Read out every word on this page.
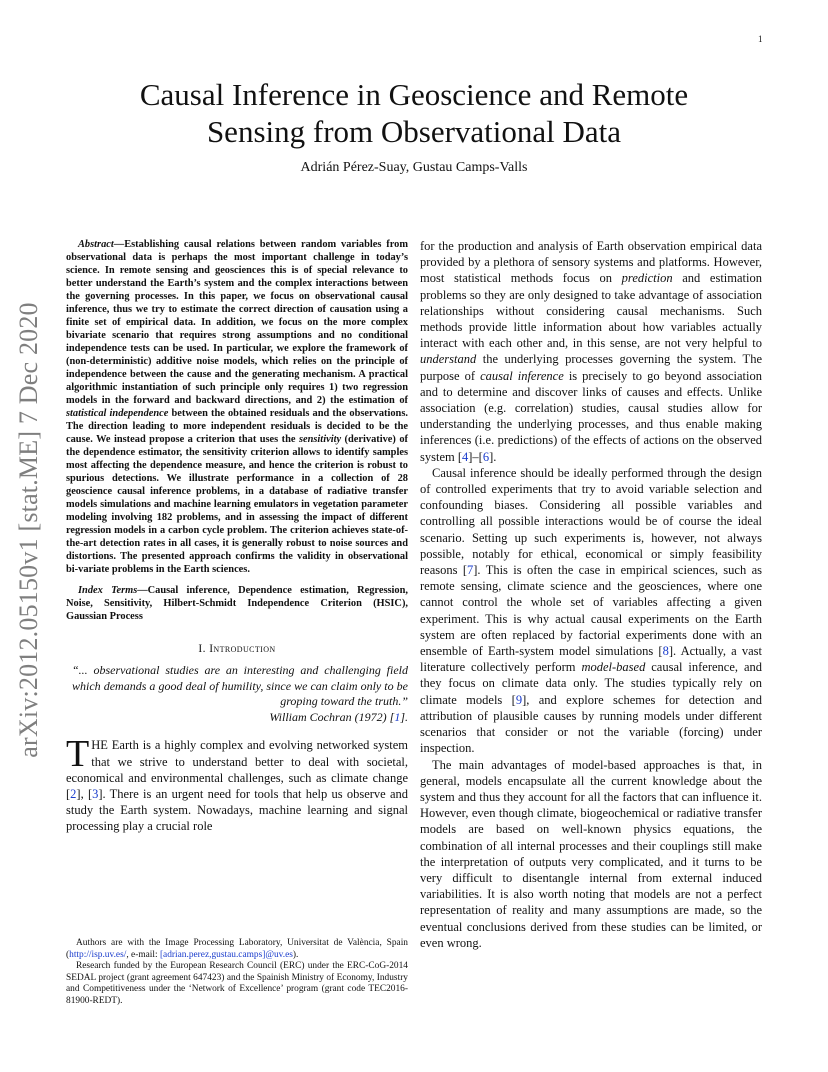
1
arXiv:2012.05150v1 [stat.ME] 7 Dec 2020
Causal Inference in Geoscience and Remote
Sensing from Observational Data
Adrián Pérez-Suay, Gustau Camps-Valls

Abstract—Establishing causal relations between random variables from observational data is perhaps the most important challenge in today’s science. In remote sensing and geosciences this is of special relevance to better understand the Earth’s system and the complex interactions between the governing processes. In this paper, we focus on observational causal inference, thus we try to estimate the correct direction of causation using a finite set of empirical data. In addition, we focus on the more complex bivariate scenario that requires strong assumptions and no conditional independence tests can be used. In particular, we explore the framework of (non-deterministic) additive noise models, which relies on the principle of independence between the cause and the generating mechanism. A practical algorithmic instantiation of such principle only requires 1) two regression models in the forward and backward directions, and 2) the estimation of statistical independence between the obtained residuals and the observations. The direction leading to more independent residuals is decided to be the cause. We instead propose a criterion that uses the sensitivity (derivative) of the dependence estimator, the sensitivity criterion allows to identify samples most affecting the dependence measure, and hence the criterion is robust to spurious detections. We illustrate performance in a collection of 28 geoscience causal inference problems, in a database of radiative transfer models simulations and machine learning emulators in vegetation parameter modeling involving 182 problems, and in assessing the impact of different regression models in a carbon cycle problem. The criterion achieves state-of-the-art detection rates in all cases, it is generally robust to noise sources and distortions. The presented approach confirms the validity in observational bi-variate problems in the Earth sciences.

Index Terms—Causal inference, Dependence estimation, Regression, Noise, Sensitivity, Hilbert-Schmidt Independence Criterion (HSIC), Gaussian Process

I. Introduction
“... observational studies are an interesting and challenging field which demands a good deal of humility, since we can claim only to be groping toward the truth.”
William Cochran (1972) [1].

THE Earth is a highly complex and evolving networked system that we strive to understand better to deal with societal, economical and environmental challenges, such as climate change [2], [3]. There is an urgent need for tools that help us observe and study the Earth system. Nowadays, machine learning and signal processing play a crucial role

Authors are with the Image Processing Laboratory, Universitat de València, Spain (http://isp.uv.es/, e-mail: [adrian.perez,gustau.camps]@uv.es).

Research funded by the European Research Council (ERC) under the ERC-CoG-2014 SEDAL project (grant agreement 647423) and the Spainish Ministry of Economy, Industry and Competitiveness under the ‘Network of Excellence’ program (grant code TEC2016-81900-REDT).

for the production and analysis of Earth observation empirical data provided by a plethora of sensory systems and platforms. However, most statistical methods focus on prediction and estimation problems so they are only designed to take advantage of association relationships without considering causal mechanisms. Such methods provide little information about how variables actually interact with each other and, in this sense, are not very helpful to understand the underlying processes governing the system. The purpose of causal inference is precisely to go beyond association and to determine and discover links of causes and effects. Unlike association (e.g. correlation) studies, causal studies allow for understanding the underlying processes, and thus enable making inferences (i.e. predictions) of the effects of actions on the observed system [4]–[6].

Causal inference should be ideally performed through the design of controlled experiments that try to avoid variable selection and confounding biases. Considering all possible variables and controlling all possible interactions would be of course the ideal scenario. Setting up such experiments is, however, not always possible, notably for ethical, economical or simply feasibility reasons [7]. This is often the case in empirical sciences, such as remote sensing, climate science and the geosciences, where one cannot control the whole set of variables affecting a given experiment. This is why actual causal experiments on the Earth system are often replaced by factorial experiments done with an ensemble of Earth-system model simulations [8]. Actually, a vast literature collectively perform model-based causal inference, and they focus on climate data only. The studies typically rely on climate models [9], and explore schemes for detection and attribution of plausible causes by running models under different scenarios that consider or not the variable (forcing) under inspection.

The main advantages of model-based approaches is that, in general, models encapsulate all the current knowledge about the system and thus they account for all the factors that can influence it. However, even though climate, biogeochemical or radiative transfer models are based on well-known physics equations, the combination of all internal processes and their couplings still make the interpretation of outputs very complicated, and it turns to be very difficult to disentangle internal from external induced variabilities. It is also worth noting that models are not a perfect representation of reality and many assumptions are made, so the eventual conclusions derived from these studies can be limited, or even wrong.
